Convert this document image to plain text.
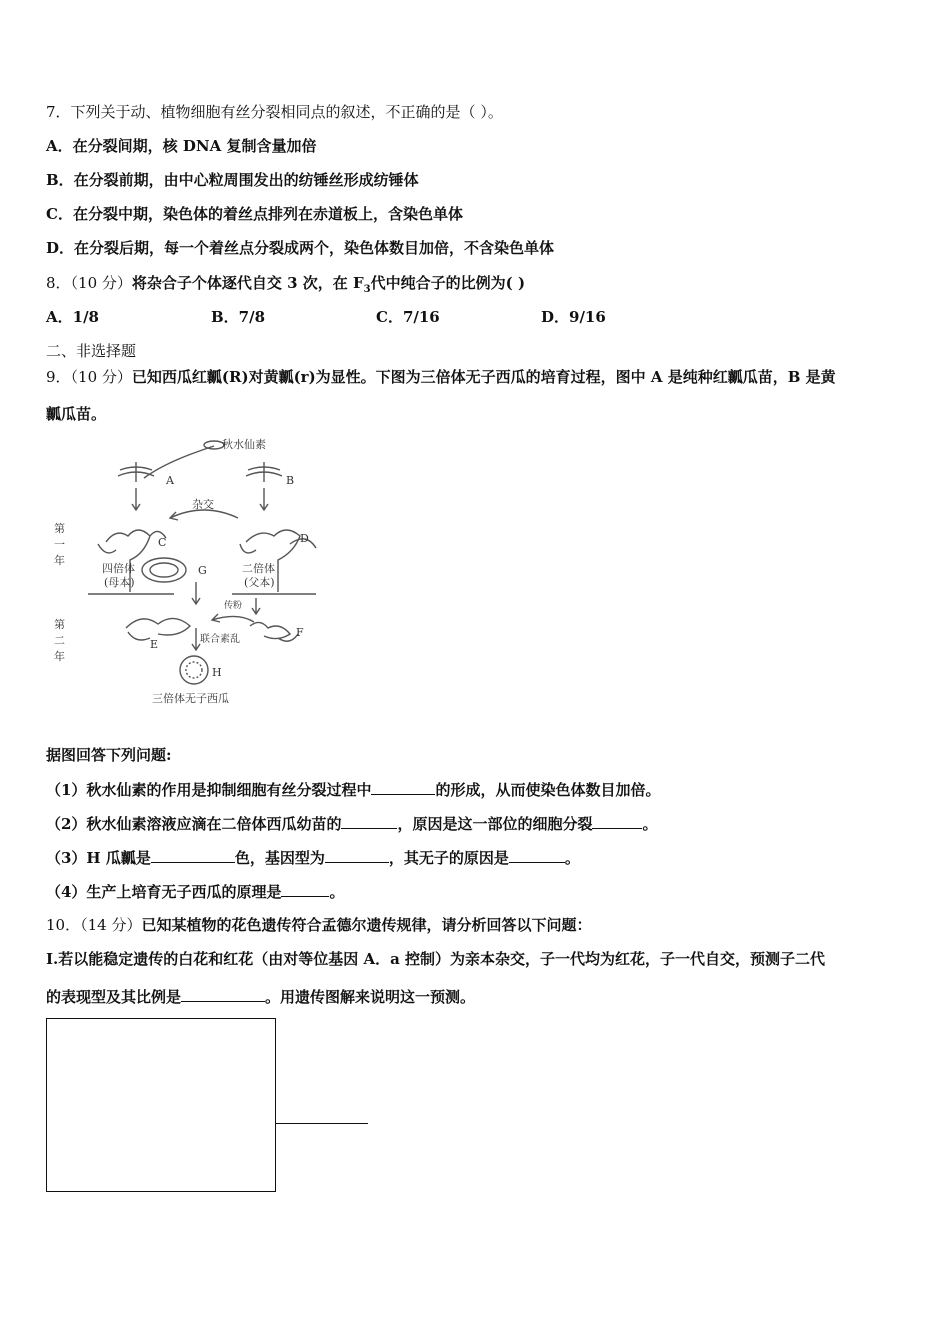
7．下列关于动、植物细胞有丝分裂相同点的叙述，不正确的是（ ）。
A．在分裂间期，核 DNA 复制含量加倍
B．在分裂前期，由中心粒周围发出的纺锤丝形成纺锤体
C．在分裂中期，染色体的着丝点排列在赤道板上，含染色单体
D．在分裂后期，每一个着丝点分裂成两个，染色体数目加倍，不含染色单体
8．（10 分）将杂合子个体逐代自交 3 次，在 $F_3$代中纯合子的比例为( )
A．1/8	B．7/8	C．7/16	D．9/16
二、非选择题
9．（10 分）已知西瓜红瓤(R)对黄瓤(r)为显性。下图为三倍体无子西瓜的培育过程，图中 A 是纯种红瓤瓜苗，B 是黄
瓤瓜苗。
秋水仙素
杂交
传粉
联合素乱
四倍体
(母本)
二倍体
(父本)
三倍体无子西瓜
A	B
C	D
E
F
G
H
第一年
第二年
据图回答下列问题:
（1）秋水仙素的作用是抑制细胞有丝分裂过程中	的形成，从而使染色体数目加倍。
（2）秋水仙素溶液应滴在二倍体西瓜幼苗的	，原因是这一部位的细胞分裂	。
（3）H 瓜瓤是	色，基因型为	，其无子的原因是	。
（4）生产上培育无子西瓜的原理是	。
10．（14 分）已知某植物的花色遗传符合孟德尔遗传规律，请分析回答以下问题：
I.若以能稳定遗传的白花和红花（由对等位基因 A．a 控制）为亲本杂交，子一代均为红花，子一代自交，预测子二代
的表现型及其比例是	。用遗传图解来说明这一预测。
